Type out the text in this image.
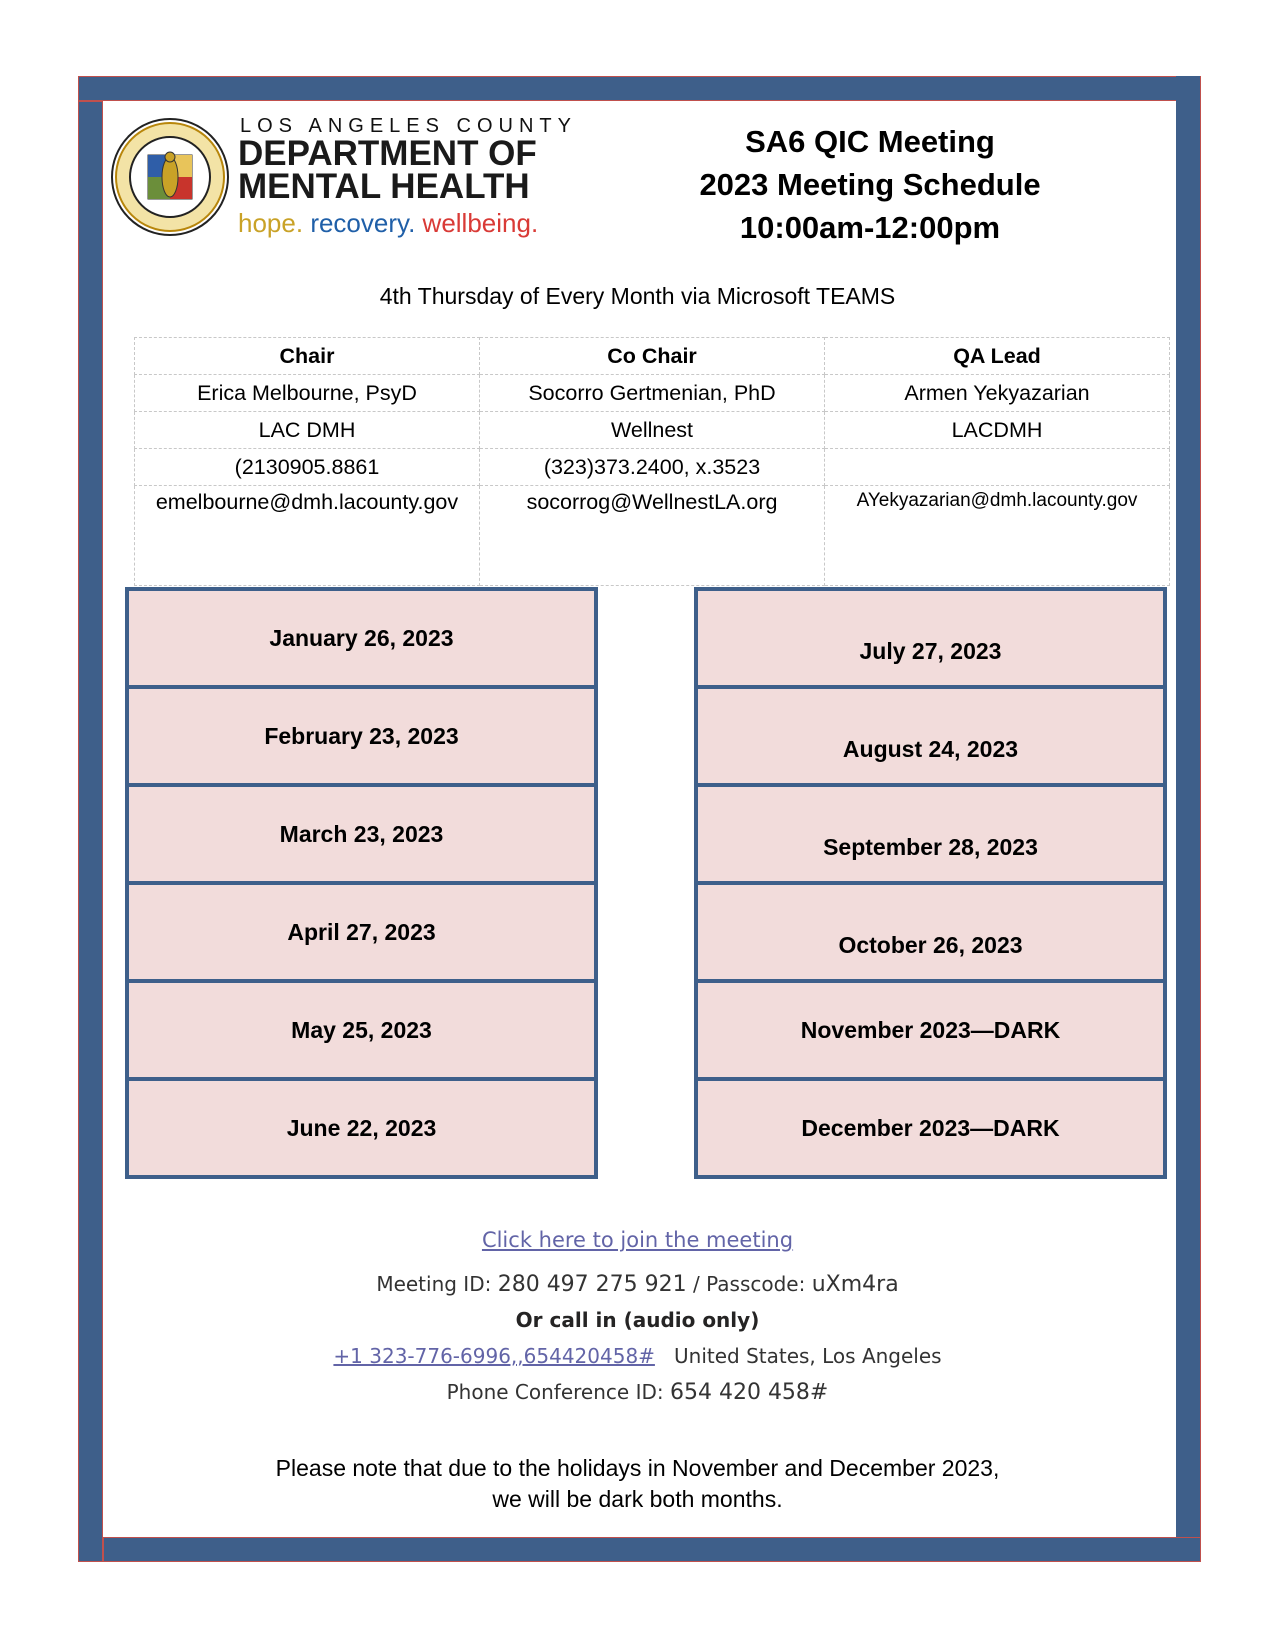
LOS ANGELES COUNTY
DEPARTMENT OF
MENTAL HEALTH
hope. recovery. wellbeing.
SA6 QIC Meeting
2023 Meeting Schedule
10:00am-12:00pm
4th Thursday of Every Month via Microsoft TEAMS
Chair	Co Chair	QA Lead
Erica Melbourne, PsyD	Socorro Gertmenian, PhD	Armen Yekyazarian
LAC DMH	Wellnest	LACDMH
(2130905.8861	(323)373.2400, x.3523	
emelbourne@dmh.lacounty.gov	socorrog@WellnestLA.org	AYekyazarian@dmh.lacounty.gov
January 26, 2023
February 23, 2023
March 23, 2023
April 27, 2023
May 25, 2023
June 22, 2023
July 27, 2023
August 24, 2023
September 28, 2023
October 26, 2023
November 2023—DARK
December 2023—DARK
Click here to join the meeting
Meeting ID: 280 497 275 921 / Passcode: uXm4ra
Or call in (audio only)
+1 323-776-6996,,654420458# United States, Los Angeles
Phone Conference ID: 654 420 458#
Please note that due to the holidays in November and December 2023,
we will be dark both months.
